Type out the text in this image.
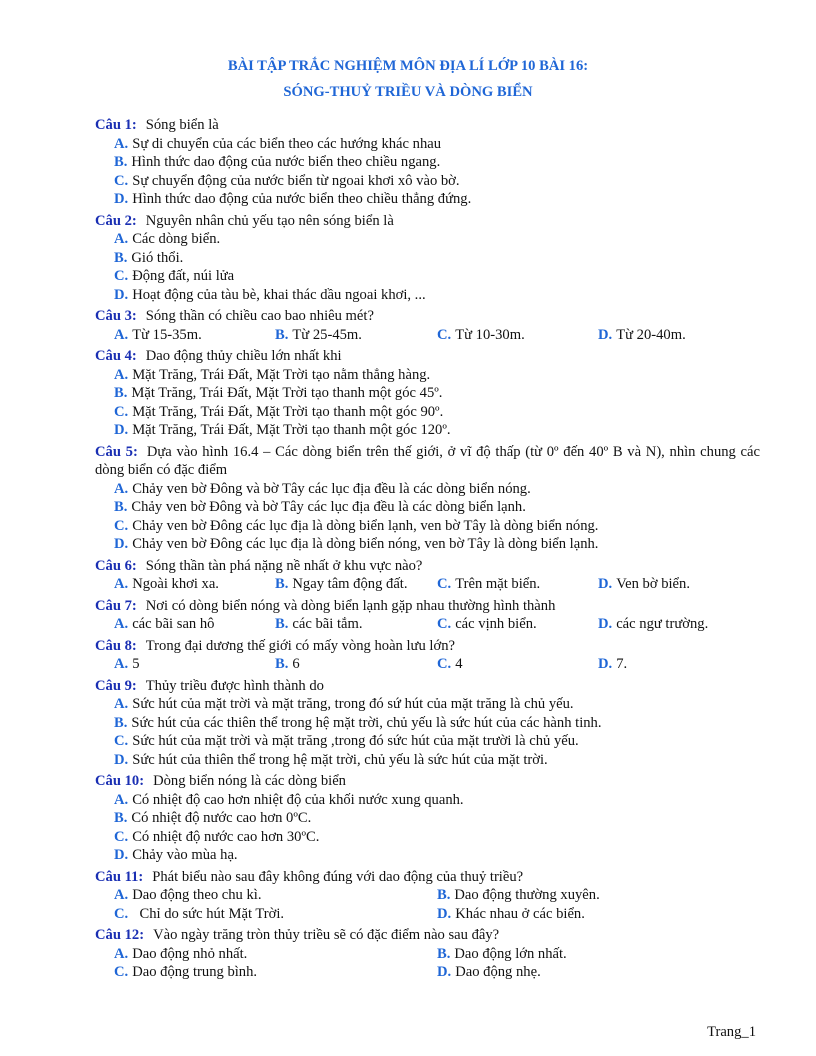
BÀI TẬP TRẮC NGHIỆM MÔN ĐỊA LÍ LỚP 10 BÀI 16:
SÓNG-THUỶ TRIỀU VÀ DÒNG BIỂN
Câu 1: Sóng biển là
A. Sự di chuyển của các biển theo các hướng khác nhau
B. Hình thức dao động của nước biển theo chiều ngang.
C. Sự chuyển động của nước biển từ ngoai khơi xô vào bờ.
D. Hình thức dao động của nước biển theo chiều thẳng đứng.
Câu 2: Nguyên nhân chủ yếu tạo nên sóng biển là
A. Các dòng biển.
B. Gió thổi.
C. Động đất, núi lửa
D. Hoạt động của tàu bè, khai thác dầu ngoai khơi, ...
Câu 3: Sóng thần có chiều cao bao nhiêu mét?
A. Từ 15-35m.	B. Từ 25-45m.	C. Từ 10-30m.	D. Từ 20-40m.
Câu 4: Dao động thủy chiều lớn nhất khi
A. Mặt Trăng, Trái Đất, Mặt Trời tạo nằm thẳng hàng.
B. Mặt Trăng, Trái Đất, Mặt Trời tạo thanh một góc 45º.
C. Mặt Trăng, Trái Đất, Mặt Trời tạo thanh một góc 90º.
D. Mặt Trăng, Trái Đất, Mặt Trời tạo thanh một góc 120º.
Câu 5: Dựa vào hình 16.4 – Các dòng biển trên thế giới, ở vĩ độ thấp (từ 0º đến 40º B và N), nhìn chung các dòng biển có đặc điểm
A. Chảy ven bờ Đông và bờ Tây các lục địa đều là các dòng biển nóng.
B. Chảy ven bờ Đông và bờ Tây các lục địa đều là các dòng biển lạnh.
C. Chảy ven bờ Đông các lục địa là dòng biển lạnh, ven bờ Tây là dòng biển nóng.
D. Chảy ven bờ Đông các lục địa là dòng biển nóng, ven bờ Tây là dòng biển lạnh.
Câu 6: Sóng thần tàn phá nặng nề nhất ở khu vực nào?
A. Ngoài khơi xa.	B. Ngay tâm động đất.	C. Trên mặt biển.	D. Ven bờ biển.
Câu 7: Nơi có dòng biển nóng và dòng biển lạnh gặp nhau thường hình thành
A. các bãi san hô	B. các bãi tắm.	C. các vịnh biển.	D. các ngư trường.
Câu 8: Trong đại dương thế giới có mấy vòng hoàn lưu lớn?
A. 5	B. 6	C. 4	D. 7.
Câu 9: Thủy triều được hình thành do
A. Sức hút của mặt trời và mặt trăng, trong đó sứ hút của mặt trăng là chủ yếu.
B. Sức hút của các thiên thể trong hệ mặt trời, chủ yếu là sức hút của các hành tinh.
C. Sức hút của mặt trời và mặt trăng ,trong đó sức hút của mặt trười là chủ yếu.
D. Sức hút của thiên thể trong hệ mặt trời, chủ yếu là sức hút của mặt trời.
Câu 10: Dòng biển nóng là các dòng biển
A. Có nhiệt độ cao hơn nhiệt độ của khối nước xung quanh.
B. Có nhiệt độ nước cao hơn 0ºC.
C. Có nhiệt độ nước cao hơn 30ºC.
D. Chảy vào mùa hạ.
Câu 11: Phát biểu nào sau đây không đúng với dao động của thuỷ triều?
A. Dao động theo chu kì.	B. Dao động thường xuyên.
C.  Chỉ do sức hút Mặt Trời.	D. Khác nhau ở các biển.
Câu 12: Vào ngày trăng tròn thủy triều sẽ có đặc điểm nào sau đây?
A. Dao động nhỏ nhất.	B. Dao động lớn nhất.
C. Dao động trung bình.	D. Dao động nhẹ.
Trang_1
